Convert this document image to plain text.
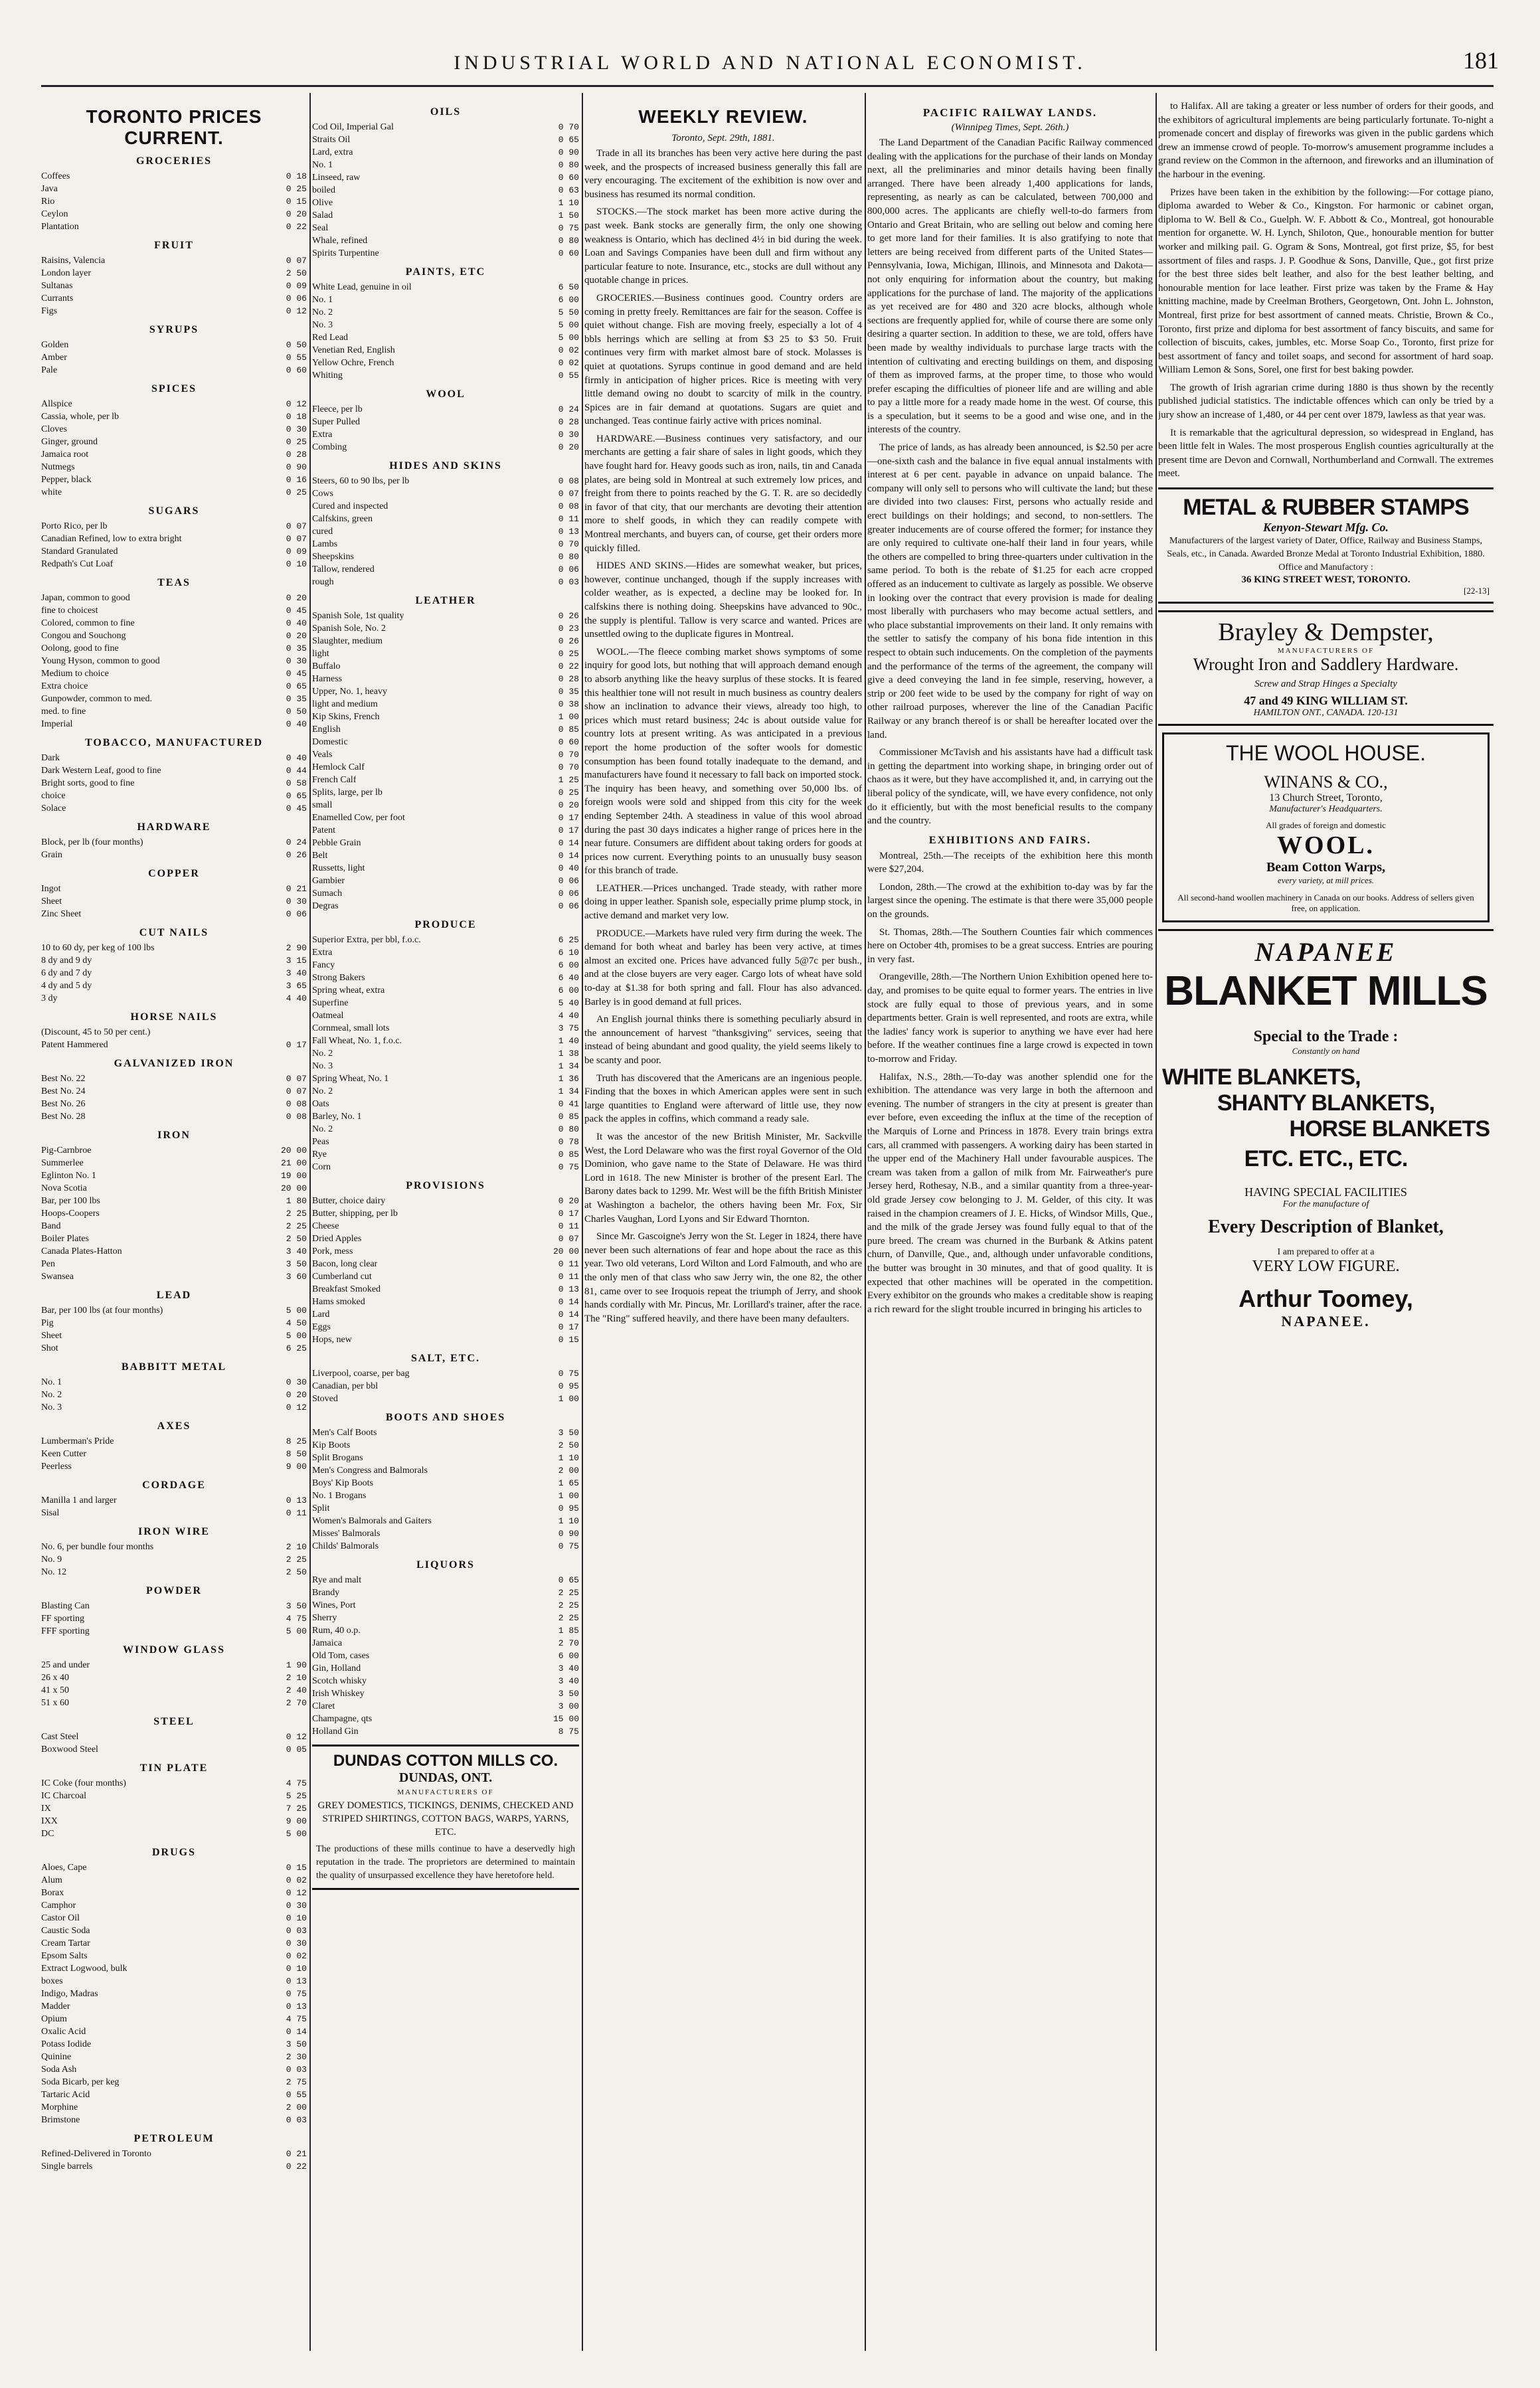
INDUSTRIAL WORLD AND NATIONAL ECONOMIST.	181
TORONTO PRICES CURRENT.
GROCERIES
Coffees	0 18
Java	0 25
Rio	0 15
Ceylon	0 20
Plantation	0 22
FRUIT
Raisins, Valencia	0 07
London layer	2 50
Sultanas	0 09
Currants	0 06
Figs	0 12
SYRUPS
Golden	0 50
Amber	0 55
Pale	0 60
SPICES
Allspice	0 12
Cassia, whole, per lb	0 18
Cloves	0 30
Ginger, ground	0 25
Jamaica root	0 28
Nutmegs	0 90
Pepper, black	0 16
white	0 25
SUGARS
Porto Rico, per lb	0 07
Canadian Refined, low to extra bright	0 07
Standard Granulated	0 09
Redpath's Cut Loaf	0 10
TEAS
Japan, common to good	0 20
fine to choicest	0 45
Colored, common to fine	0 40
Congou and Souchong	0 20
Oolong, good to fine	0 35
Young Hyson, common to good	0 30
Medium to choice	0 45
Extra choice	0 65
Gunpowder, common to med.	0 35
med. to fine	0 50
Imperial	0 40
TOBACCO, MANUFACTURED
Dark	0 40
Dark Western Leaf, good to fine	0 44
Bright sorts, good to fine	0 58
choice	0 65
Solace	0 45
HARDWARE
Block, per lb (four months)	0 24
Grain	0 26
COPPER
Ingot	0 21
Sheet	0 30
Zinc Sheet	0 06
CUT NAILS
10 to 60 dy, per keg of 100 lbs	2 90
8 dy and 9 dy	3 15
6 dy and 7 dy	3 40
4 dy and 5 dy	3 65
3 dy	4 40
HORSE NAILS
(Discount, 45 to 50 per cent.)
Patent Hammered	0 17
GALVANIZED IRON
Best No. 22	0 07
Best No. 24	0 07
Best No. 26	0 08
Best No. 28	0 08
IRON
Pig-Carnbroe	20 00
Summerlee	21 00
Eglinton No. 1	19 00
Nova Scotia	20 00
Bar, per 100 lbs	1 80
Hoops-Coopers	2 25
Band	2 25
Boiler Plates	2 50
Canada Plates-Hatton	3 40
Pen	3 50
Swansea	3 60
LEAD
Bar, per 100 lbs (at four months)	5 00
Pig	4 50
Sheet	5 00
Shot	6 25
BABBITT METAL
No. 1	0 30
No. 2	0 20
No. 3	0 12
AXES
Lumberman's Pride	8 25
Keen Cutter	8 50
Peerless	9 00
CORDAGE
Manilla 1 and larger	0 13
Sisal	0 11
IRON WIRE
No. 6, per bundle four months	2 10
No. 9	2 25
No. 12	2 50
POWDER
Blasting Can	3 50
FF sporting	4 75
FFF sporting	5 00
WINDOW GLASS
25 and under	1 90
26 x 40	2 10
41 x 50	2 40
51 x 60	2 70
STEEL
Cast Steel	0 12
Boxwood Steel	0 05
TIN PLATE
IC Coke (four months)	4 75
IC Charcoal	5 25
IX	7 25
IXX	9 00
DC	5 00
DRUGS
Aloes, Cape	0 15
Alum	0 02
Borax	0 12
Camphor	0 30
Castor Oil	0 10
Caustic Soda	0 03
Cream Tartar	0 30
Epsom Salts	0 02
Extract Logwood, bulk	0 10
boxes	0 13
Indigo, Madras	0 75
Madder	0 13
Opium	4 75
Oxalic Acid	0 14
Potass Iodide	3 50
Quinine	2 30
Soda Ash	0 03
Soda Bicarb, per keg	2 75
Tartaric Acid	0 55
Morphine	2 00
Brimstone	0 03
PETROLEUM
Refined-Delivered in Toronto	0 21
Single barrels	0 22
OILS
Cod Oil, Imperial Gal	0 70
Straits Oil	0 65
Lard, extra	0 90
No. 1	0 80
Linseed, raw	0 60
boiled	0 63
Olive	1 10
Salad	1 50
Seal	0 75
Whale, refined	0 80
Spirits Turpentine	0 60
PAINTS, ETC
White Lead, genuine in oil	6 50
No. 1	6 00
No. 2	5 50
No. 3	5 00
Red Lead	5 00
Venetian Red, English	0 02
Yellow Ochre, French	0 02
Whiting	0 55
WOOL
Fleece, per lb	0 24
Super Pulled	0 28
Extra	0 30
Combing	0 20
HIDES AND SKINS
Steers, 60 to 90 lbs, per lb	0 08
Cows	0 07
Cured and inspected	0 08
Calfskins, green	0 11
cured	0 13
Lambs	0 70
Sheepskins	0 80
Tallow, rendered	0 06
rough	0 03
LEATHER
Spanish Sole, 1st quality	0 26
Spanish Sole, No. 2	0 23
Slaughter, medium	0 26
light	0 25
Buffalo	0 22
Harness	0 28
Upper, No. 1, heavy	0 35
light and medium	0 38
Kip Skins, French	1 00
English	0 85
Domestic	0 60
Veals	0 70
Hemlock Calf	0 70
French Calf	1 25
Splits, large, per lb	0 25
small	0 20
Enamelled Cow, per foot	0 17
Patent	0 17
Pebble Grain	0 14
Belt	0 14
Russetts, light	0 40
Gambier	0 06
Sumach	0 06
Degras	0 06
PRODUCE
Superior Extra, per bbl, f.o.c.	6 25
Extra	6 10
Fancy	6 00
Strong Bakers	6 40
Spring wheat, extra	6 00
Superfine	5 40
Oatmeal	4 40
Cornmeal, small lots	3 75
Fall Wheat, No. 1, f.o.c.	1 40
No. 2	1 38
No. 3	1 34
Spring Wheat, No. 1	1 36
No. 2	1 34
Oats	0 41
Barley, No. 1	0 85
No. 2	0 80
Peas	0 78
Rye	0 85
Corn	0 75
PROVISIONS
Butter, choice dairy	0 20
Butter, shipping, per lb	0 17
Cheese	0 11
Dried Apples	0 07
Pork, mess	20 00
Bacon, long clear	0 11
Cumberland cut	0 11
Breakfast Smoked	0 13
Hams smoked	0 14
Lard	0 14
Eggs	0 17
Hops, new	0 15
SALT, ETC.
Liverpool, coarse, per bag	0 75
Canadian, per bbl	0 95
Stoved	1 00
BOOTS AND SHOES
Men's Calf Boots	3 50
Kip Boots	2 50
Split Brogans	1 10
Men's Congress and Balmorals	2 00
Boys' Kip Boots	1 65
No. 1 Brogans	1 00
Split	0 95
Women's Balmorals and Gaiters	1 10
Misses' Balmorals	0 90
Childs' Balmorals	0 75
LIQUORS
Rye and malt	0 65
Brandy	2 25
Wines, Port	2 25
Sherry	2 25
Rum, 40 o.p.	1 85
Jamaica	2 70
Old Tom, cases	6 00
Gin, Holland	3 40
Scotch whisky	3 40
Irish Whiskey	3 50
Claret	3 00
Champagne, qts	15 00
Holland Gin	8 75
DUNDAS COTTON MILLS CO.
DUNDAS, ONT.
MANUFACTURERS OF
GREY DOMESTICS, TICKINGS, DENIMS, CHECKED AND STRIPED SHIRTINGS, COTTON BAGS, WARPS, YARNS, ETC.
The productions of these mills continue to have a deservedly high reputation in the trade. The proprietors are determined to maintain the quality of unsurpassed excellence they have heretofore held.
WEEKLY REVIEW.
Toronto, Sept. 29th, 1881.

Trade in all its branches has been very active here during the past week, and the prospects of increased business generally this fall are very encouraging. The excitement of the exhibition is now over and business has resumed its normal condition.

STOCKS.—The stock market has been more active during the past week. Bank stocks are generally firm, the only one showing weakness is Ontario, which has declined 4½ in bid during the week. Loan and Savings Companies have been dull and firm without any particular feature to note. Insurance, etc., stocks are dull without any quotable change in prices.

GROCERIES.—Business continues good. Country orders are coming in pretty freely. Remittances are fair for the season. Coffee is quiet without change. Fish are moving freely, especially a lot of 4 bbls herrings which are selling at from $3 25 to $3 50. Fruit continues very firm with market almost bare of stock. Molasses is quiet at quotations. Syrups continue in good demand and are held firmly in anticipation of higher prices. Rice is meeting with very little demand owing no doubt to scarcity of milk in the country. Spices are in fair demand at quotations. Sugars are quiet and unchanged. Teas continue fairly active with prices nominal.

HARDWARE.—Business continues very satisfactory, and our merchants are getting a fair share of sales in light goods, which they have fought hard for. Heavy goods such as iron, nails, tin and Canada plates, are being sold in Montreal at such extremely low prices, and freight from there to points reached by the G. T. R. are so decidedly in favor of that city, that our merchants are devoting their attention more to shelf goods, in which they can readily compete with Montreal merchants, and buyers can, of course, get their orders more quickly filled.

HIDES AND SKINS.—Hides are somewhat weaker, but prices, however, continue unchanged, though if the supply increases with colder weather, as is expected, a decline may be looked for. In calfskins there is nothing doing. Sheepskins have advanced to 90c., the supply is plentiful. Tallow is very scarce and wanted. Prices are unsettled owing to the duplicate figures in Montreal.

WOOL.—The fleece combing market shows symptoms of some inquiry for good lots, but nothing that will approach demand enough to absorb anything like the heavy surplus of these stocks. It is feared this healthier tone will not result in much business as country dealers show an inclination to advance their views, already too high, to prices which must retard business; 24c is about outside value for country lots at present writing. As was anticipated in a previous report the home production of the softer wools for domestic consumption has been found totally inadequate to the demand, and manufacturers have found it necessary to fall back on imported stock. The inquiry has been heavy, and something over 50,000 lbs. of foreign wools were sold and shipped from this city for the week ending September 24th. A steadiness in value of this wool abroad during the past 30 days indicates a higher range of prices here in the near future. Consumers are diffident about taking orders for goods at prices now current. Everything points to an unusually busy season for this branch of trade.

LEATHER.—Prices unchanged. Trade steady, with rather more doing in upper leather. Spanish sole, especially prime plump stock, in active demand and market very low.

PRODUCE.—Markets have ruled very firm during the week. The demand for both wheat and barley has been very active, at times almost an excited one. Prices have advanced fully 5@7c per bush., and at the close buyers are very eager. Cargo lots of wheat have sold to-day at $1.38 for both spring and fall. Flour has also advanced. Barley is in good demand at full prices.

An English journal thinks there is something peculiarly absurd in the announcement of harvest "thanksgiving" services, seeing that instead of being abundant and good quality, the yield seems likely to be scanty and poor.

Truth has discovered that the Americans are an ingenious people. Finding that the boxes in which American apples were sent in such large quantities to England were afterward of little use, they now pack the apples in coffins, which command a ready sale.

It was the ancestor of the new British Minister, Mr. Sackville West, the Lord Delaware who was the first royal Governor of the Old Dominion, who gave name to the State of Delaware. He was third Lord in 1618. The new Minister is brother of the present Earl. The Barony dates back to 1299. Mr. West will be the fifth British Minister at Washington a bachelor, the others having been Mr. Fox, Sir Charles Vaughan, Lord Lyons and Sir Edward Thornton.

Since Mr. Gascoigne's Jerry won the St. Leger in 1824, there have never been such alternations of fear and hope about the race as this year. Two old veterans, Lord Wilton and Lord Falmouth, and who are the only men of that class who saw Jerry win, the one 82, the other 81, came over to see Iroquois repeat the triumph of Jerry, and shook hands cordially with Mr. Pincus, Mr. Lorillard's trainer, after the race. The "Ring" suffered heavily, and there have been many defaulters.

PACIFIC RAILWAY LANDS.
(Winnipeg Times, Sept. 26th.)

The Land Department of the Canadian Pacific Railway commenced dealing with the applications for the purchase of their lands on Monday next, all the preliminaries and minor details having been finally arranged. There have been already 1,400 applications for lands, representing, as nearly as can be calculated, between 700,000 and 800,000 acres. The applicants are chiefly well-to-do farmers from Ontario and Great Britain, who are selling out below and coming here to get more land for their families. It is also gratifying to note that letters are being received from different parts of the United States—Pennsylvania, Iowa, Michigan, Illinois, and Minnesota and Dakota—not only enquiring for information about the country, but making applications for the purchase of land. The majority of the applications as yet received are for 480 and 320 acre blocks, although whole sections are frequently applied for, while of course there are some only desiring a quarter section. In addition to these, we are told, offers have been made by wealthy individuals to purchase large tracts with the intention of cultivating and erecting buildings on them, and disposing of them as improved farms, at the proper time, to those who would prefer escaping the difficulties of pioneer life and are willing and able to pay a little more for a ready made home in the west. Of course, this is a speculation, but it seems to be a good and wise one, and in the interests of the country.

The price of lands, as has already been announced, is $2.50 per acre—one-sixth cash and the balance in five equal annual instalments with interest at 6 per cent. payable in advance on unpaid balance. The company will only sell to persons who will cultivate the land; but these are divided into two clauses: First, persons who actually reside and erect buildings on their holdings; and second, to non-settlers. The greater inducements are of course offered the former; for instance they are only required to cultivate one-half their land in four years, while the others are compelled to bring three-quarters under cultivation in the same period. To both is the rebate of $1.25 for each acre cropped offered as an inducement to cultivate as largely as possible. We observe in looking over the contract that every provision is made for dealing most liberally with purchasers who may become actual settlers, and who place substantial improvements on their land. It only remains with the settler to satisfy the company of his bona fide intention in this respect to obtain such inducements. On the completion of the payments and the performance of the terms of the agreement, the company will give a deed conveying the land in fee simple, reserving, however, a strip or 200 feet wide to be used by the company for right of way on other railroad purposes, wherever the line of the Canadian Pacific Railway or any branch thereof is or shall be hereafter located over the land.

Commissioner McTavish and his assistants have had a difficult task in getting the department into working shape, in bringing order out of chaos as it were, but they have accomplished it, and, in carrying out the liberal policy of the syndicate, will, we have every confidence, not only do it efficiently, but with the most beneficial results to the company and the country.

EXHIBITIONS AND FAIRS.

Montreal, 25th.—The receipts of the exhibition here this month were $27,204.

London, 28th.—The crowd at the exhibition to-day was by far the largest since the opening. The estimate is that there were 35,000 people on the grounds.

St. Thomas, 28th.—The Southern Counties fair which commences here on October 4th, promises to be a great success. Entries are pouring in very fast.

Orangeville, 28th.—The Northern Union Exhibition opened here to-day, and promises to be quite equal to former years. The entries in live stock are fully equal to those of previous years, and in some departments better. Grain is well represented, and roots are extra, while the ladies' fancy work is superior to anything we have ever had here before. If the weather continues fine a large crowd is expected in town to-morrow and Friday.

Halifax, N.S., 28th.—To-day was another splendid one for the exhibition. The attendance was very large in both the afternoon and evening. The number of strangers in the city at present is greater than ever before, even exceeding the influx at the time of the reception of the Marquis of Lorne and Princess in 1878. Every train brings extra cars, all crammed with passengers. A working dairy has been started in the upper end of the Machinery Hall under favourable auspices. The cream was taken from a gallon of milk from Mr. Fairweather's pure Jersey herd, Rothesay, N.B., and a similar quantity from a three-year-old grade Jersey cow belonging to J. M. Gelder, of this city. It was raised in the champion creamers of J. E. Hicks, of Windsor Mills, Que., and the milk of the grade Jersey was found fully equal to that of the pure breed. The cream was churned in the Burbank & Atkins patent churn, of Danville, Que., and, although under unfavorable conditions, the butter was brought in 30 minutes, and that of good quality. It is expected that other machines will be operated in the competition. Every exhibitor on the grounds who makes a creditable show is reaping a rich reward for the slight trouble incurred in bringing his articles to

to Halifax. All are taking a greater or less number of orders for their goods, and the exhibitors of agricultural implements are being particularly fortunate. To-night a promenade concert and display of fireworks was given in the public gardens which drew an immense crowd of people. To-morrow's amusement programme includes a grand review on the Common in the afternoon, and fireworks and an illumination of the harbour in the evening.

Prizes have been taken in the exhibition by the following:—For cottage piano, diploma awarded to Weber & Co., Kingston. For harmonic or cabinet organ, diploma to W. Bell & Co., Guelph. W. F. Abbott & Co., Montreal, got honourable mention for organette. W. H. Lynch, Shiloton, Que., honourable mention for butter worker and milking pail. G. Ogram & Sons, Montreal, got first prize, $5, for best assortment of files and rasps. J. P. Goodhue & Sons, Danville, Que., got first prize for the best three sides belt leather, and also for the best leather belting, and honourable mention for lace leather. First prize was taken by the Frame & Hay knitting machine, made by Creelman Brothers, Georgetown, Ont. John L. Johnston, Montreal, first prize for best assortment of canned meats. Christie, Brown & Co., Toronto, first prize and diploma for best assortment of fancy biscuits, and same for collection of biscuits, cakes, jumbles, etc. Morse Soap Co., Toronto, first prize for best assortment of fancy and toilet soaps, and second for assortment of hard soap. William Lemon & Sons, Sorel, one first for best baking powder.

The growth of Irish agrarian crime during 1880 is thus shown by the recently published judicial statistics. The indictable offences which can only be tried by a jury show an increase of 1,480, or 44 per cent over 1879, lawless as that year was.

It is remarkable that the agricultural depression, so widespread in England, has been little felt in Wales. The most prosperous English counties agriculturally at the present time are Devon and Cornwall, Northumberland and Cornwall. The extremes meet.

METAL & RUBBER STAMPS
Kenyon-Stewart Mfg. Co.
Manufacturers of the largest variety of Dater, Office, Railway and Business Stamps, Seals, etc., in Canada. Awarded Bronze Medal at Toronto Industrial Exhibition, 1880. Office and Manufactory :
36 KING STREET WEST, TORONTO.
[22-13]
Brayley & Dempster,
MANUFACTURERS OF
Wrought Iron and Saddlery Hardware.
Screw and Strap Hinges a Specialty
47 and 49 KING WILLIAM ST.
HAMILTON ONT., CANADA. 120-131
THE WOOL HOUSE.
WINANS & CO.,
13 Church Street, Toronto,
Manufacturer's Headquarters.
All grades of foreign and domestic
WOOL.
Beam Cotton Warps,
every variety, at mill prices.
All second-hand woollen machinery in Canada on our books. Address of sellers given free, on application.
NAPANEE
BLANKET MILLS
Special to the Trade :
Constantly on hand
WHITE BLANKETS,
SHANTY BLANKETS,
HORSE BLANKETS
ETC. ETC., ETC.
HAVING SPECIAL FACILITIES
For the manufacture of
Every Description of Blanket,
I am prepared to offer at a
VERY LOW FIGURE.
Arthur Toomey,
NAPANEE.
